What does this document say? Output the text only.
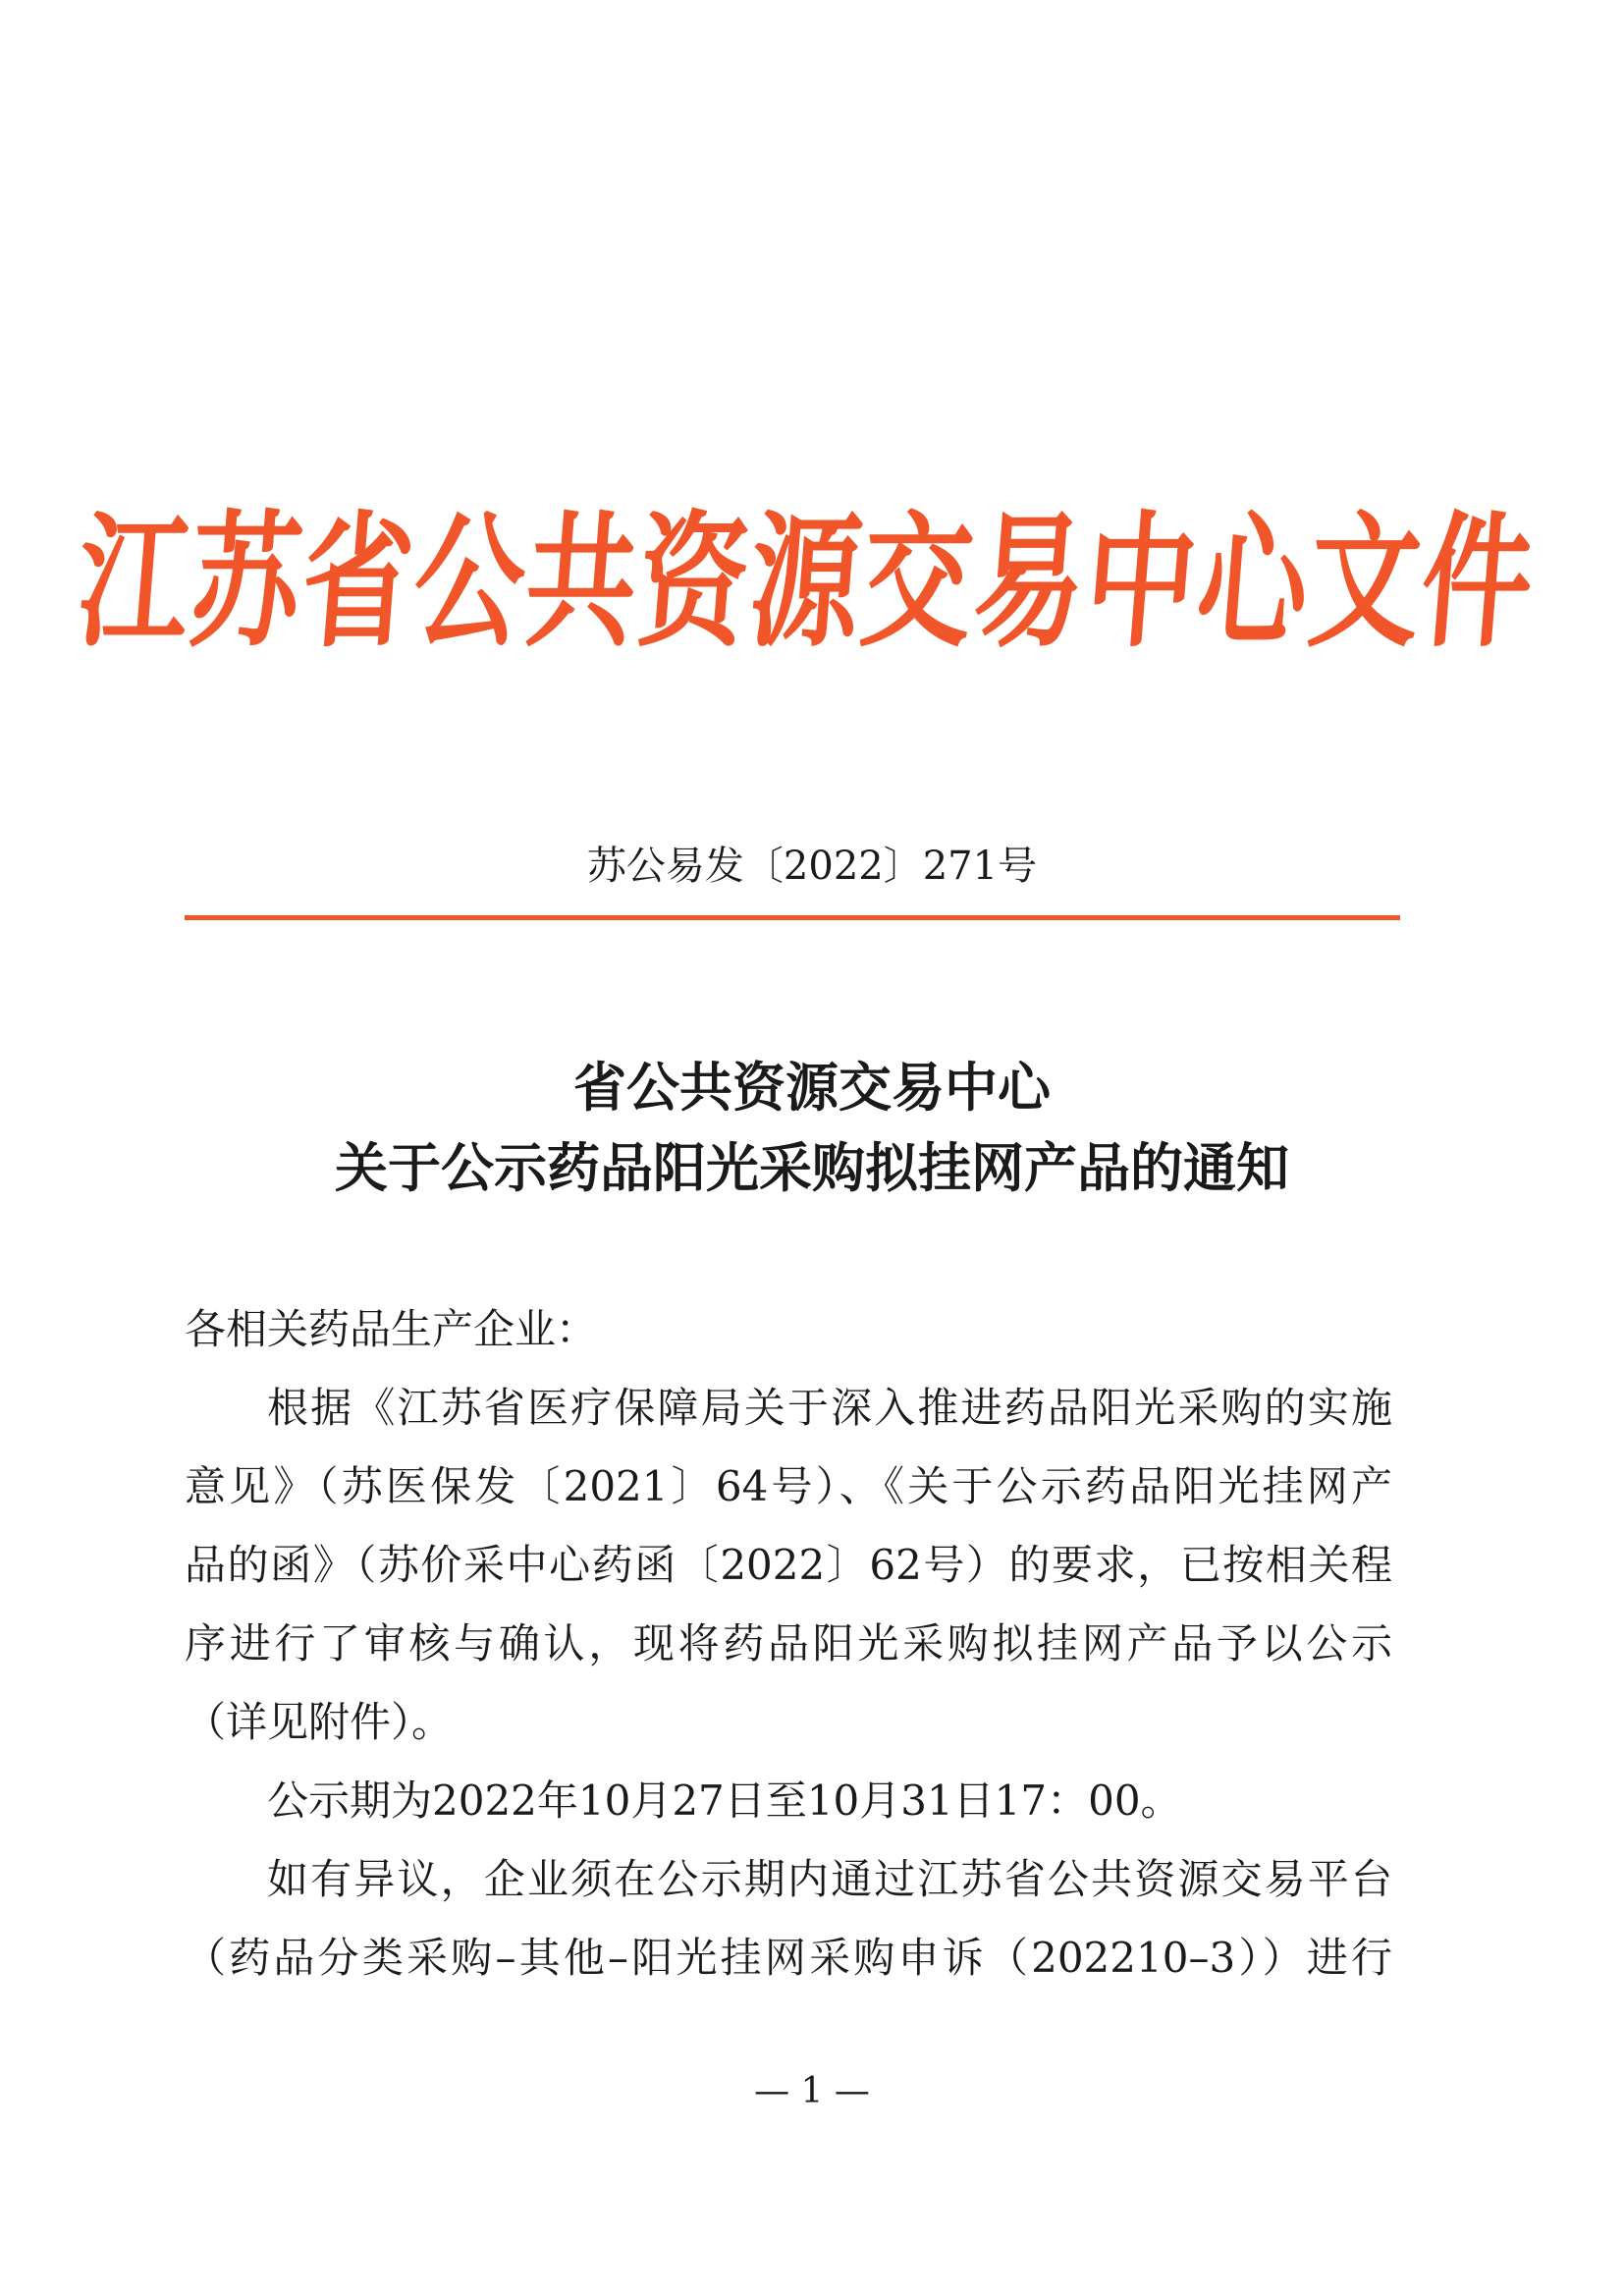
江苏省公共资源交易中心文件
苏公易发〔2022〕271号
省公共资源交易中心
关于公示药品阳光采购拟挂网产品的通知
各相关药品生产企业：
根据《江苏省医疗保障局关于深入推进药品阳光采购的实施
意见》（苏医保发〔2021〕64号）、《关于公示药品阳光挂网产
品的函》（苏价采中心药函〔2022〕62号）的要求，已按相关程
序进行了审核与确认，现将药品阳光采购拟挂网产品予以公示
（详见附件）。
公示期为2022年10月27日至10月31日17：00。
如有异议，企业须在公示期内通过江苏省公共资源交易平台
（药品分类采购–其他–阳光挂网采购申诉（202210–3））进行
— 1 —
